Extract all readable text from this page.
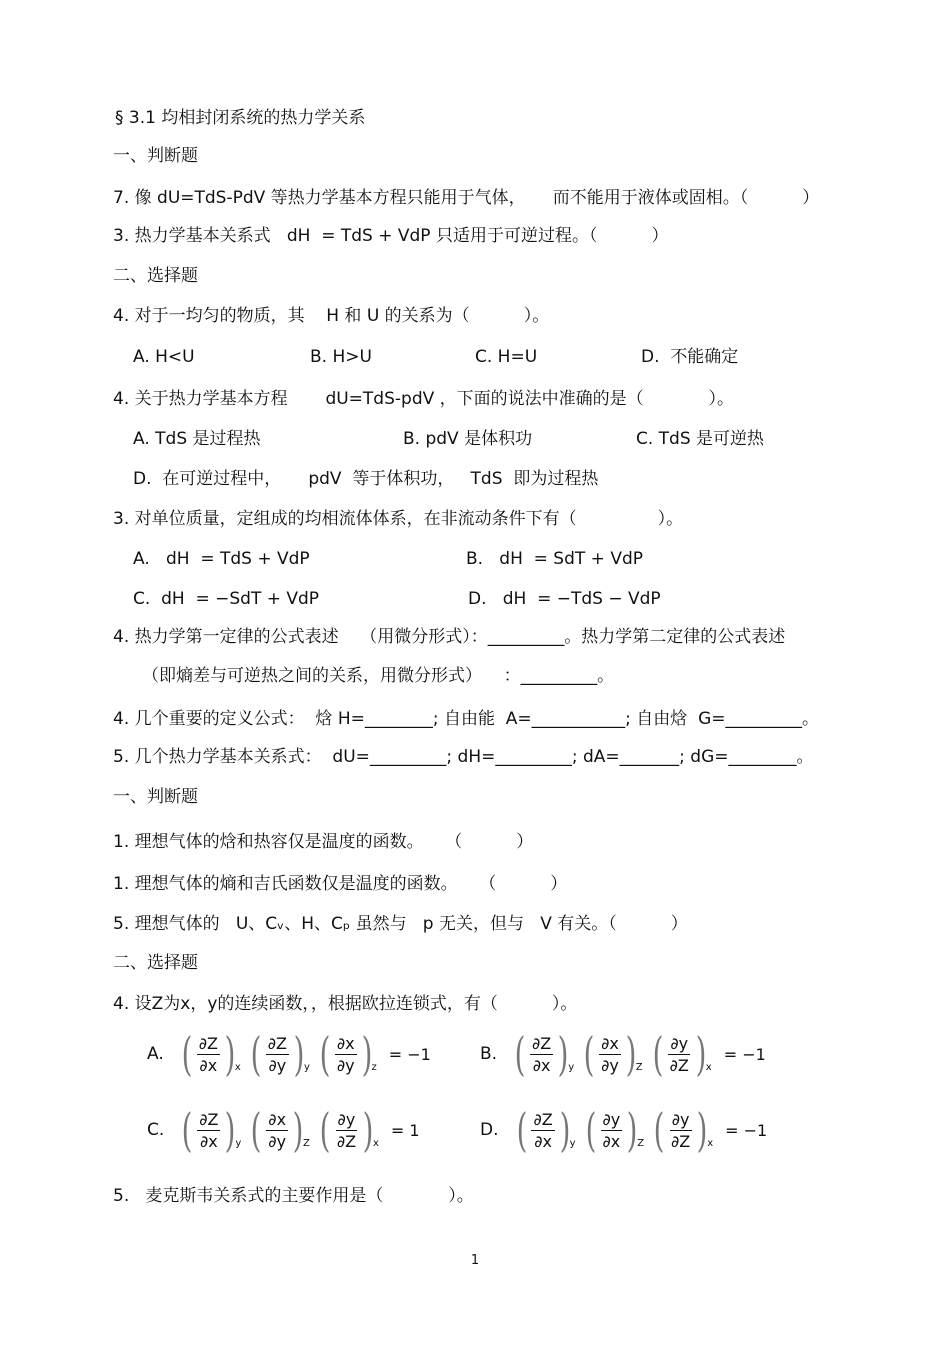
§ 3.1 均相封闭系统的热力学关系
一、判断题
7. 像 dU=TdS-PdV 等热力学基本方程只能用于气体，     而不能用于液体或固相。（          ）
3. 热力学基本关系式   dH  = TdS + VdP 只适用于可逆过程。（          ）
二、选择题
4. 对于一均匀的物质，其    H 和 U 的关系为（          ）。
A. H<U	B. H>U	C. H=U	D.  不能确定
4. 关于热力学基本方程       dU=TdS-pdV ，下面的说法中准确的是（            ）。
A. TdS 是过程热	B. pdV 是体积功	C. TdS 是可逆热
D.  在可逆过程中，     pdV  等于体积功，   TdS  即为过程热
3. 对单位质量，定组成的均相流体体系，在非流动条件下有（               ）。
A.   dH  = TdS + VdP	B.   dH  = SdT + VdP
C.  dH  = −SdT + VdP	D.   dH  = −TdS − VdP
4. 热力学第一定律的公式表述    （用微分形式）：_________。热力学第二定律的公式表述
（即熵差与可逆热之间的关系，用微分形式）    ：_________。
4. 几个重要的定义公式：  焓 H=________; 自由能  A=___________; 自由焓  G=_________。
5. 几个热力学基本关系式：  dU=_________; dH=_________; dA=_______; dG=________。
一、判断题
1. 理想气体的焓和热容仅是温度的函数。    （          ）
1. 理想气体的熵和吉氏函数仅是温度的函数。    （          ）
5. 理想气体的   U、Cᵥ、H、Cₚ 虽然与   p 无关，但与   V 有关。（          ）
二、选择题
4. 设Z为x，y的连续函数，，根据欧拉连锁式，有（          ）。
A. ( $\frac{\partial Z}{\partial x}$ ) x ( $\frac{\partial Z}{\partial y}$ ) y ( $\frac{\partial x}{\partial y}$ ) z
= −1	B. ( $\frac{\partial Z}{\partial x}$ ) y ( $\frac{\partial x}{\partial y}$ ) Z ( $\frac{\partial y}{\partial Z}$ ) x
= −1
C. ( $\frac{\partial Z}{\partial x}$ ) y ( $\frac{\partial x}{\partial y}$ ) Z ( $\frac{\partial y}{\partial Z}$ ) x
= 1	D. ( $\frac{\partial Z}{\partial x}$ ) y ( $\frac{\partial y}{\partial x}$ ) Z ( $\frac{\partial y}{\partial Z}$ ) x
= −1
5.   麦克斯韦关系式的主要作用是（            ）。
1
